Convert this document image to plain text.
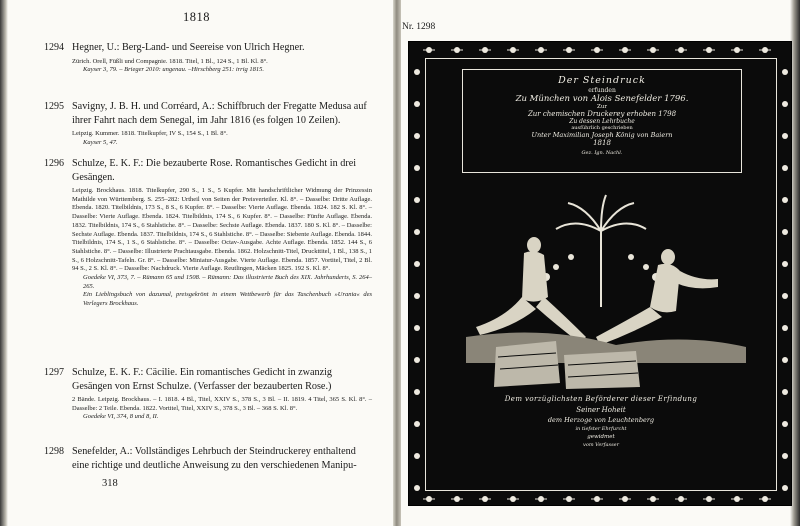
1818
1294 Hegner, U.: Berg-Land- und Seereise von Ulrich Hegner.
Zürich. Orell, Füßli und Compagnie. 1818. Titel, 1 Bl., 124 S., 1 Bl. Kl. 8°.
Kayser 3, 79. – Brieger 2010: ungenau. –Hirschberg 251: irrig 1815.
1295 Savigny, J. B. H. und Corréard, A.: Schiffbruch der Fregatte Medusa auf ihrer Fahrt nach dem Senegal, im Jahr 1816 (es folgen 10 Zeilen).
Leipzig. Kummer. 1818. Titelkupfer, IV S., 154 S., 1 Bl. 8°.
Kayser 5, 47.
1296 Schulze, E. K. F.: Die bezauberte Rose. Romantisches Gedicht in drei Gesängen.
Leipzig. Brockhaus. 1818. Titelkupfer, 290 S., 1 S., 5 Kupfer. Mit handschriftlicher Widmung der Prinzessin Mathilde von Württemberg. S. 255–282: Urtheil von Seiten der Preisverteiler. Kl. 8°. – Dasselbe: Dritte Auflage. Ebenda. 1820. Titelbildnis, 173 S., 8 S., 6 Kupfer. 8°. – Dasselbe: Vierte Auflage. Ebenda. 1824. 182 S. Kl. 8°. – Dasselbe: Vierte Auflage. Ebenda. 1824. Titelbildnis, 174 S., 6 Kupfer. 8°. – Dasselbe: Fünfte Auflage. Ebenda. 1832. Titelbildnis, 174 S., 6 Stahlstiche. 8°. – Dasselbe: Sechste Auflage. Ebenda. 1837. 180 S. Kl. 8°. – Dasselbe: Sechste Auflage. Ebenda. 1837. Titelbildnis, 174 S., 6 Stahlstiche. 8°. – Dasselbe: Siebente Auflage. Ebenda. 1844. Titelbildnis, 174 S., 1 S., 6 Stahlstiche. 8°. – Dasselbe: Octav-Ausgabe. Achte Auflage. Ebenda. 1852. 144 S., 6 Stahlstiche. 8°. – Dasselbe: Illustrierte Prachtausgabe. Ebenda. 1862. Holzschnitt-Titel, Druckttitel, 1 Bl., 138 S., 1 S., 6 Holzschnitt-Tafeln. Gr. 8°. – Dasselbe: Miniatur-Ausgabe. Vierte Auflage. Ebenda. 1857. Vortitel, Titel, 2 Bl. 94 S., 2 S. Kl. 8°. – Dasselbe: Nachdruck. Vierte Auflage. Reutlingen, Mäcken 1825. 192 S. Kl. 8°.
Goedeke VI, 373, 7. – Rümann 65 und 1508. – Rümann: Das illustrierte Buch des XIX. Jahrhunderts, S. 264–265.
Ein Lieblingsbuch von dazumal, preisgekrönt in einem Wettbewerb für das Taschenbuch »Urania« des Verlegers Brockhaus.
1297 Schulze, E. K. F.: Cäcilie. Ein romantisches Gedicht in zwanzig Gesängen von Ernst Schulze. (Verfasser der bezauberten Rose.)
2 Bände. Leipzig. Brockhaus. – I. 1818. 4 Bl., Titel, XXIV S., 378 S., 3 Bl. – II. 1819. 4 Titel, 365 S. Kl. 8°. – Dasselbe: 2 Teile. Ebenda. 1822. Vortitel, Titel, XXIV S., 378 S., 3 Bl. – 368 S. Kl. 8°.
Goedeke VI, 374, 8 und 8, II.
1298 Senefelder, A.: Vollständiges Lehrbuch der Steindruckerey enthaltend eine richtige und deutliche Anweisung zu den verschiedenen Manipu-
318
Nr. 1298
Der Steindruck
erfunden
Zu München von Alois Senefelder 1796.
Zur
Zur chemischen Druckerey erhoben 1798
Zu dessen Lehrbuche
ausführlich geschrieben
Unter Maximilian Joseph König von Baiern
1818
Gez. Ign. Nachl.
Dem vorzüglichsten Beförderer dieser Erfindung
Seiner Hoheit
dem Herzoge von Leuchtenberg
in tiefster Ehrfurcht
gewidmet
vom Verfasser
